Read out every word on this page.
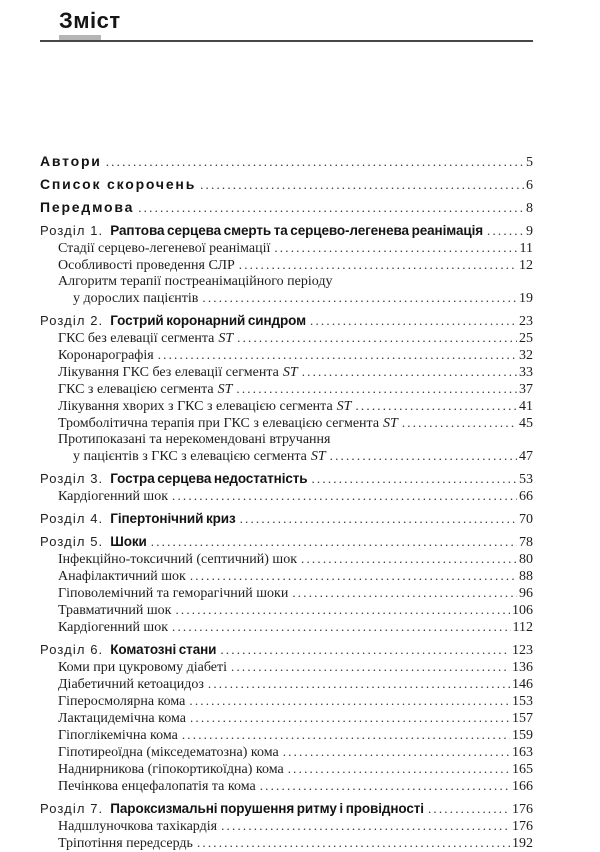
Зміст
Автори .....	5
Список скорочень .....	6
Передмова .....	8
Розділ 1. Раптова серцева смерть та серцево-легенева реанімація .....	9
Стадії серцево-легеневої реанімації .....	11
Особливості проведення СЛР .....	12
Алгоритм терапії постреанімаційного періоду
у дорослих пацієнтів .....	19
Розділ 2. Гострий коронарний синдром .....	23
ГКС без елевації сегмента ST .....	25
Коронарографія .....	32
Лікування ГКС без елевації сегмента ST .....	33
ГКС з елевацією сегмента ST .....	37
Лікування хворих з ГКС з елевацією сегмента ST .....	41
Тромболітична терапія при ГКС з елевацією сегмента ST .....	45
Протипоказані та нерекомендовані втручання
у пацієнтів з ГКС з елевацією сегмента ST .....	47
Розділ 3. Гостра серцева недостатність .....	53
Кардіогенний шок .....	66
Розділ 4. Гіпертонічний криз .....	70
Розділ 5. Шоки .....	78
Інфекційно-токсичний (септичний) шок .....	80
Анафілактичний шок .....	88
Гіповолемічний та геморагічний шоки .....	96
Травматичний шок .....	106
Кардіогенний шок .....	112
Розділ 6. Коматозні стани .....	123
Коми при цукровому діабеті .....	136
Діабетичний кетоацидоз .....	146
Гіперосмолярна кома .....	153
Лактацидемічна кома .....	157
Гіпоглікемічна кома .....	159
Гіпотиреоїдна (мікседематозна) кома .....	163
Наднирникова (гіпокортикоїдна) кома .....	165
Печінкова енцефалопатія та кома .....	166
Розділ 7. Пароксизмальні порушення ритму і провідності .....	176
Надшлуночкова тахікардія .....	176
Тріпотіння передсердь .....	192
